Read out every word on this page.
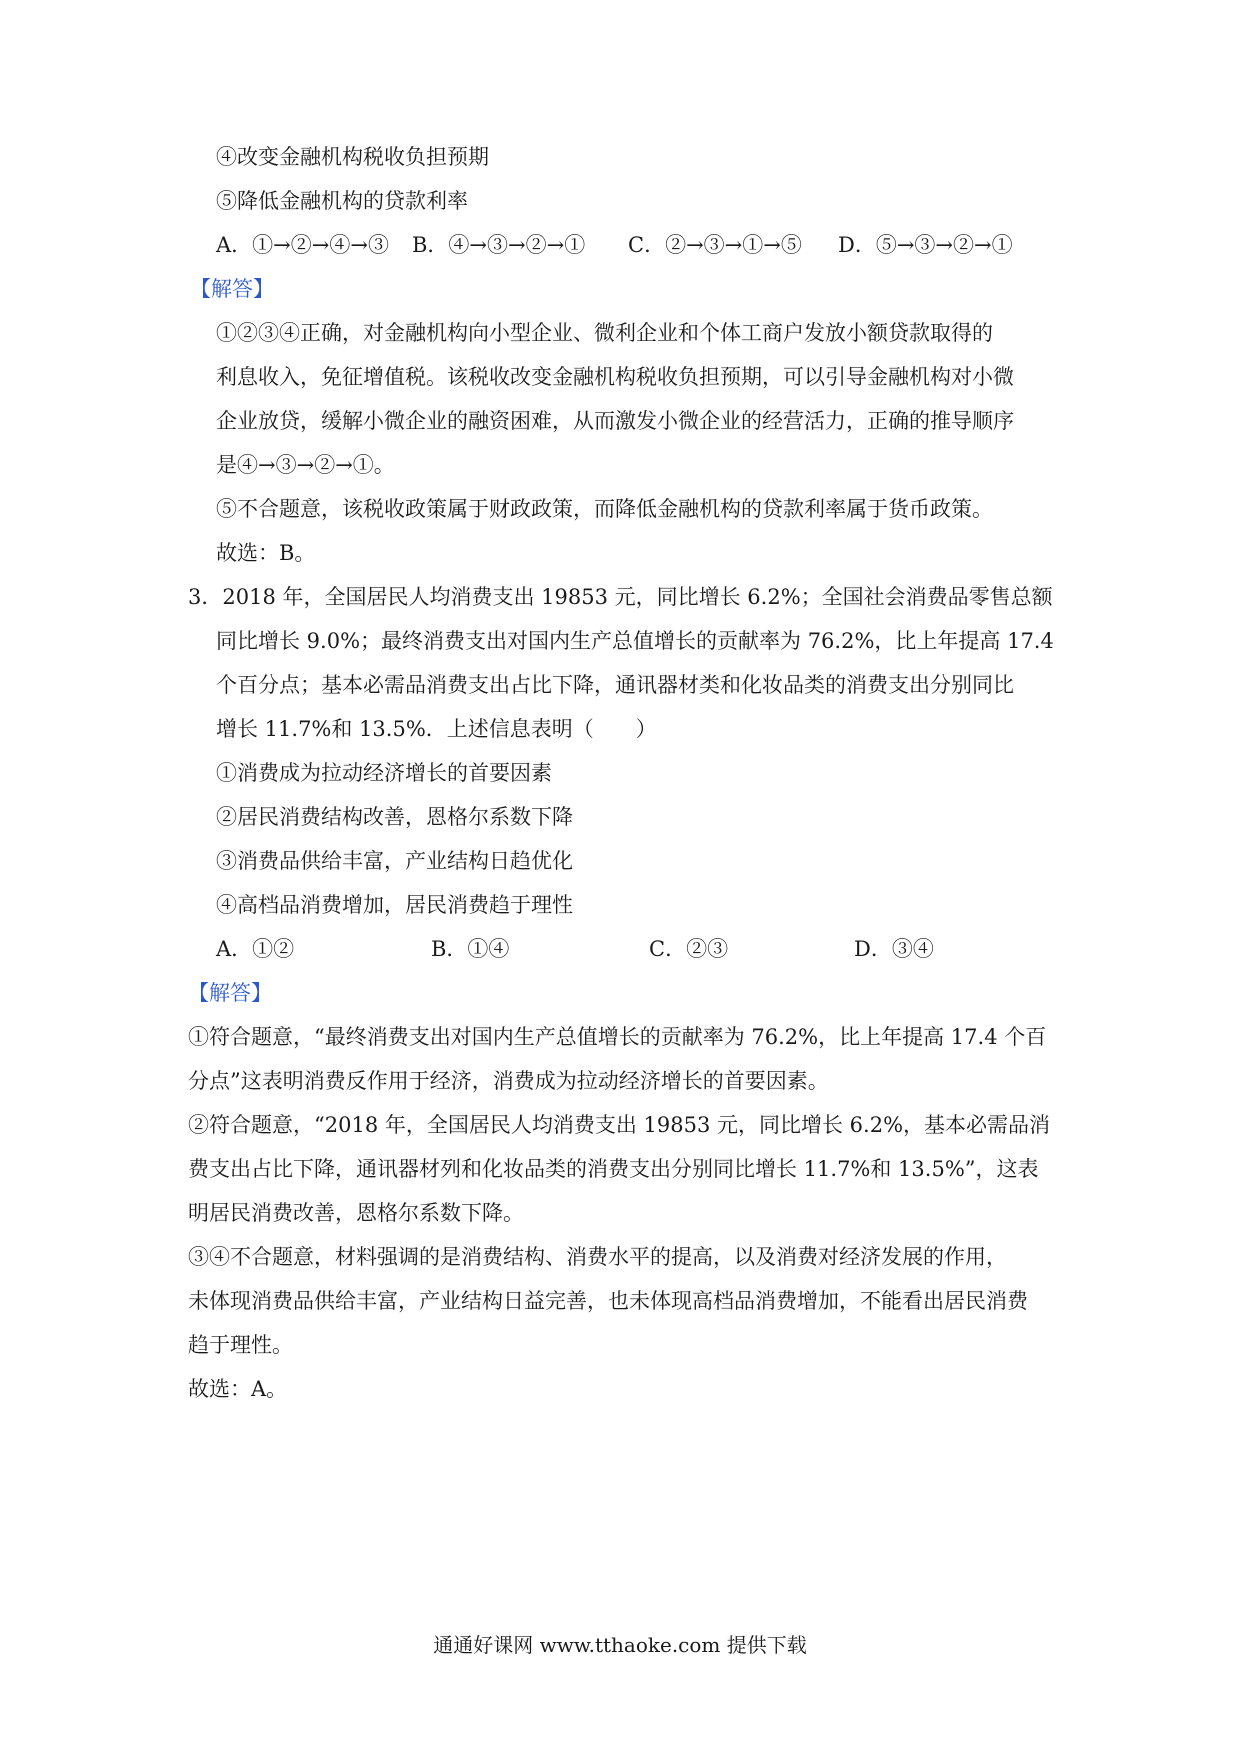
④改变金融机构税收负担预期
⑤降低金融机构的贷款利率
A．①→②→④→③ B．④→③→②→① C．②→③→①→⑤ D．⑤→③→②→①
【解答】
①②③④正确，对金融机构向小型企业、微利企业和个体工商户发放小额贷款取得的
利息收入，免征增值税。该税收改变金融机构税收负担预期，可以引导金融机构对小微
企业放贷，缓解小微企业的融资困难，从而激发小微企业的经营活力，正确的推导顺序
是④→③→②→①。
⑤不合题意，该税收政策属于财政政策，而降低金融机构的贷款利率属于货币政策。
故选：B。
3．2018 年，全国居民人均消费支出 19853 元，同比增长 6.2%；全国社会消费品零售总额
同比增长 9.0%；最终消费支出对国内生产总值增长的贡献率为 76.2%，比上年提高 17.4
个百分点；基本必需品消费支出占比下降，通讯器材类和化妆品类的消费支出分别同比
增长 11.7%和 13.5%．上述信息表明（　　）
①消费成为拉动经济增长的首要因素
②居民消费结构改善，恩格尔系数下降
③消费品供给丰富，产业结构日趋优化
④高档品消费增加，居民消费趋于理性
A．①②	B．①④	C．②③	D．③④
【解答】
①符合题意，“最终消费支出对国内生产总值增长的贡献率为 76.2%，比上年提高 17.4 个百
分点”这表明消费反作用于经济，消费成为拉动经济增长的首要因素。
②符合题意，“2018 年，全国居民人均消费支出 19853 元，同比增长 6.2%，基本必需品消
费支出占比下降，通讯器材列和化妆品类的消费支出分别同比增长 11.7%和 13.5%”，这表
明居民消费改善，恩格尔系数下降。
③④不合题意，材料强调的是消费结构、消费水平的提高，以及消费对经济发展的作用，
未体现消费品供给丰富，产业结构日益完善，也未体现高档品消费增加，不能看出居民消费
趋于理性。
故选：A。
通通好课网 www.tthaoke.com 提供下载
